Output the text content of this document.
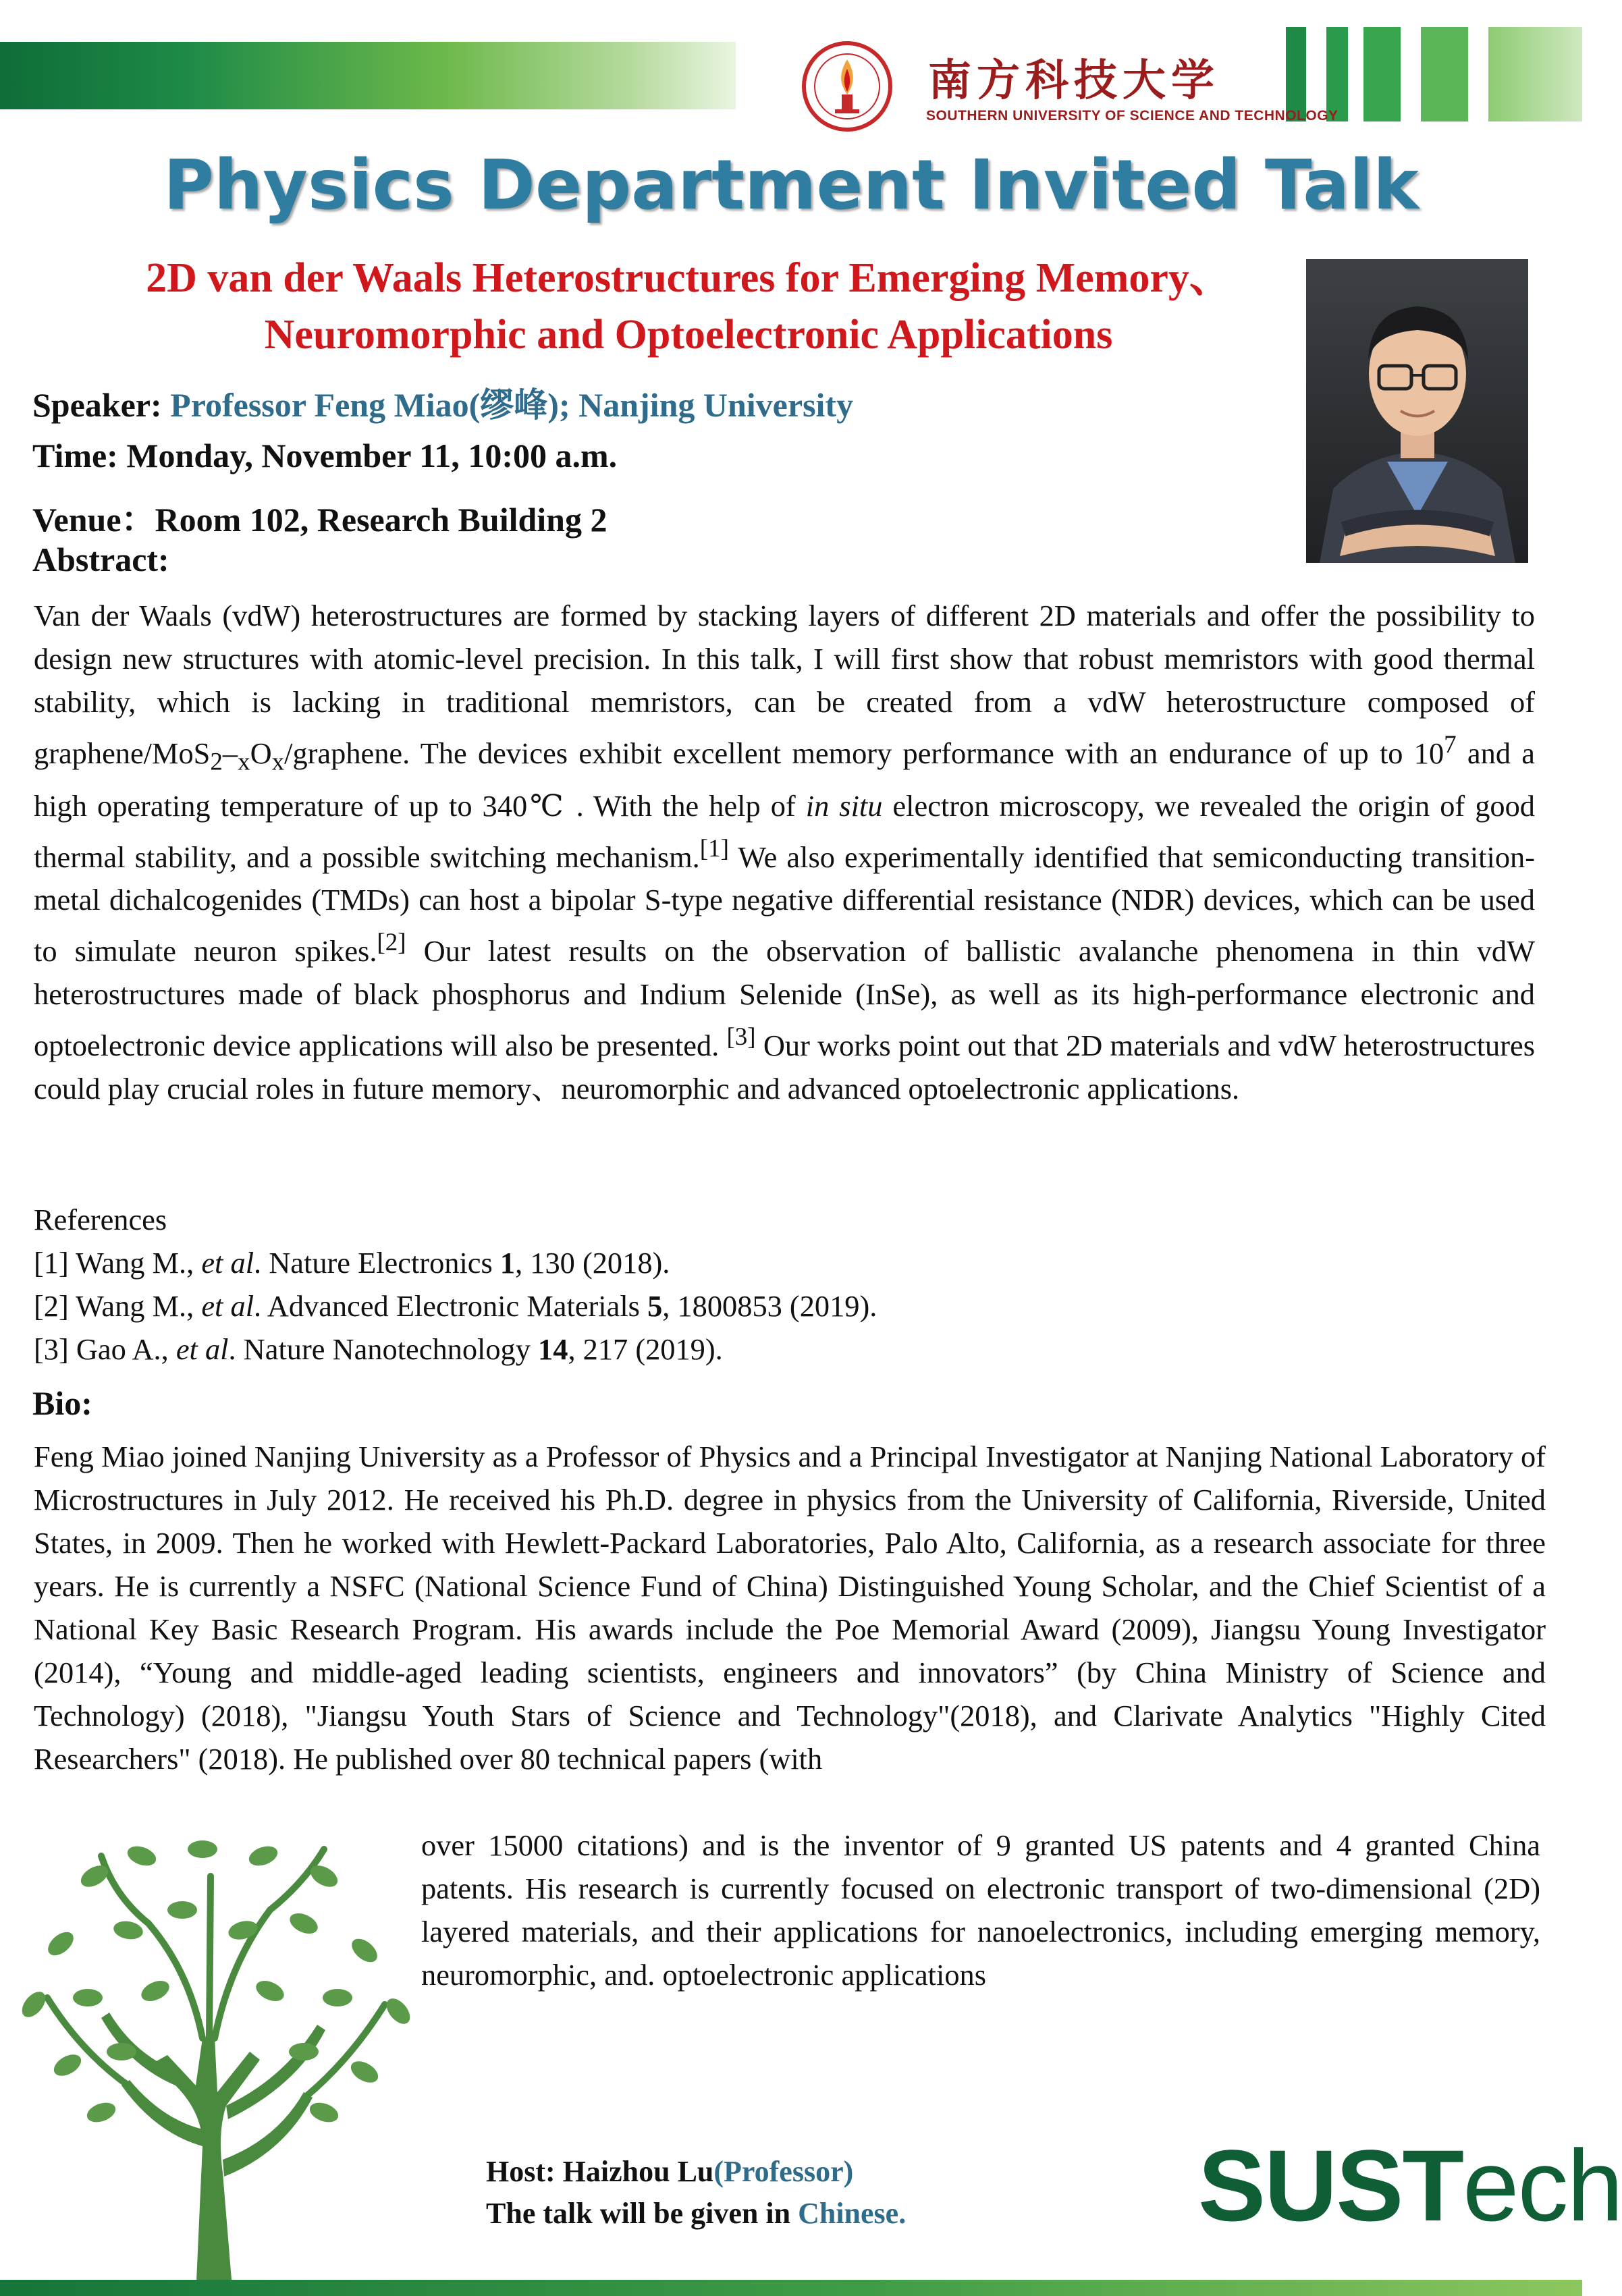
南方科技大学
SOUTHERN UNIVERSITY OF SCIENCE AND TECHNOLOGY
Physics Department Invited Talk
2D van der Waals Heterostructures for Emerging Memory、
Neuromorphic and Optoelectronic Applications
Speaker: Professor Feng Miao(缪峰); Nanjing University
Time: Monday, November 11, 10:00 a.m.
Venue：Room 102, Research Building 2
Abstract:

Van der Waals (vdW) heterostructures are formed by stacking layers of different 2D materials and offer the possibility to design new structures with atomic-level precision. In this talk, I will first show that robust memristors with good thermal stability, which is lacking in traditional memristors, can be created from a vdW heterostructure composed of graphene/$MoS_2-_xO_x$/graphene. The devices exhibit excellent memory performance with an endurance of up to $10^7$ and a high operating temperature of up to 340℃ . With the help of in situ electron microscopy, we revealed the origin of good thermal stability, and a possible switching mechanism.[1] We also experimentally identified that semiconducting transition-metal dichalcogenides (TMDs) can host a bipolar S-type negative differential resistance (NDR) devices, which can be used to simulate neuron spikes.[2] Our latest results on the observation of ballistic avalanche phenomena in thin vdW heterostructures made of black phosphorus and Indium Selenide (InSe), as well as its high-performance electronic and optoelectronic device applications will also be presented. [3] Our works point out that 2D materials and vdW heterostructures could play crucial roles in future memory、neuromorphic and advanced optoelectronic applications.

References
[1] Wang M., et al. Nature Electronics 1, 130 (2018).
[2] Wang M., et al. Advanced Electronic Materials 5, 1800853 (2019).
[3] Gao A., et al. Nature Nanotechnology 14, 217 (2019).
Bio:

Feng Miao joined Nanjing University as a Professor of Physics and a Principal Investigator at Nanjing National Laboratory of Microstructures in July 2012. He received his Ph.D. degree in physics from the University of California, Riverside, United States, in 2009. Then he worked with Hewlett-Packard Laboratories, Palo Alto, California, as a research associate for three years. He is currently a NSFC (National Science Fund of China) Distinguished Young Scholar, and the Chief Scientist of a National Key Basic Research Program. His awards include the Poe Memorial Award (2009), Jiangsu Young Investigator (2014), “Young and middle-aged leading scientists, engineers and innovators” (by China Ministry of Science and Technology) (2018), "Jiangsu Youth Stars of Science and Technology"(2018), and Clarivate Analytics "Highly Cited Researchers" (2018). He published over 80 technical papers (with

over 15000 citations) and is the inventor of 9 granted US patents and 4 granted China patents. His research is currently focused on electronic transport of two-dimensional (2D) layered materials, and their applications for nanoelectronics, including emerging memory, neuromorphic, and. optoelectronic applications

Host: Haizhou Lu(Professor)
The talk will be given in Chinese.	SUSTech
